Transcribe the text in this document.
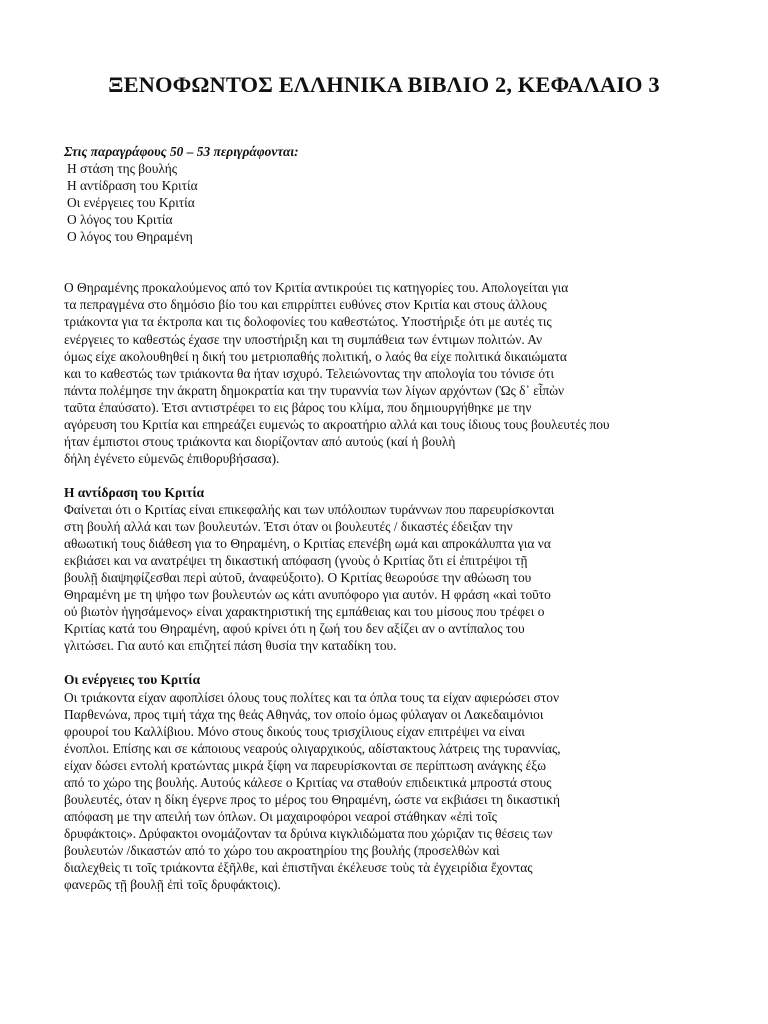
ΞΕΝΟΦΩΝΤΟΣ ΕΛΛΗΝΙΚΑ ΒΙΒΛΙΟ 2, ΚΕΦΑΛΑΙΟ 3
Στις παραγράφους 50 – 53 περιγράφονται:
Η στάση της βουλής
Η αντίδραση του Κριτία
Οι ενέργειες του Κριτία
Ο λόγος του Κριτία
Ο λόγος του Θηραμένη
Ο Θηραμένης προκαλούμενος από τον Κριτία αντικρούει τις κατηγορίες του. Απολογείται για
τα πεπραγμένα στο δημόσιο βίο του και επιρρίπτει ευθύνες στον Κριτία και στους άλλους
τριάκοντα για τα έκτροπα και τις δολοφονίες του καθεστώτος. Υποστήριξε ότι με αυτές τις
ενέργειες το καθεστώς έχασε την υποστήριξη και τη συμπάθεια των έντιμων πολιτών. Αν
όμως είχε ακολουθηθεί η δική του μετριοπαθής πολιτική, ο λαός θα είχε πολιτικά δικαιώματα
και το καθεστώς των τριάκοντα θα ήταν ισχυρό. Τελειώνοντας την απολογία του τόνισε ότι
πάντα πολέμησε την άκρατη δημοκρατία και την τυραννία των λίγων αρχόντων (Ὡς δ᾽ εἶπὼν
ταῦτα ἐπαύσατο). Έτσι αντιστρέφει το εις βάρος του κλίμα, που δημιουργήθηκε με την
αγόρευση του Κριτία και επηρεάζει ευμενώς το ακροατήριο αλλά και τους ίδιους τους βουλευτές που
ήταν έμπιστοι στους τριάκοντα και διορίζονταν από αυτούς (καί ἡ βουλὴ
δήλη ἐγένετο εὐμενῶς ἐπιθορυβήσασα).
Η αντίδραση του Κριτία
Φαίνεται ότι ο Κριτίας είναι επικεφαλής και των υπόλοιπων τυράννων που παρευρίσκονται
στη βουλή αλλά και των βουλευτών. Έτσι όταν οι βουλευτές / δικαστές έδειξαν την
αθωωτική τους διάθεση για το Θηραμένη, ο Κριτίας επενέβη ωμά και απροκάλυπτα για να
εκβιάσει και να ανατρέψει τη δικαστική απόφαση (γνοὺς ὁ Κριτίας ὅτι εἰ ἐπιτρέψοι τῇ
βουλῇ διαψηφίζεσθαι περὶ αὐτοῦ, ἀναφεύξοιτο). Ο Κριτίας θεωρούσε την αθώωση του
Θηραμένη με τη ψήφο των βουλευτών ως κάτι ανυπόφορο για αυτόν. Η φράση «καὶ τοῦτο
οὐ βιωτὸν ἡγησάμενος» είναι χαρακτηριστική της εμπάθειας και του μίσους που τρέφει ο
Κριτίας κατά του Θηραμένη, αφού κρίνει ότι η ζωή του δεν αξίζει αν ο αντίπαλος του
γλιτώσει. Για αυτό και επιζητεί πάση θυσία την καταδίκη του.
Οι ενέργειες του Κριτία
Οι τριάκοντα είχαν αφοπλίσει όλους τους πολίτες και τα όπλα τους τα είχαν αφιερώσει στον
Παρθενώνα, προς τιμή τάχα της θεάς Αθηνάς, τον οποίο όμως φύλαγαν οι Λακεδαιμόνιοι
φρουροί του Καλλίβιου. Μόνο στους δικούς τους τρισχίλιους είχαν επιτρέψει να είναι
ένοπλοι. Επίσης και σε κάποιους νεαρούς ολιγαρχικούς, αδίστακτους λάτρεις της τυραννίας,
είχαν δώσει εντολή κρατώντας μικρά ξίφη να παρευρίσκονται σε περίπτωση ανάγκης έξω
από το χώρο της βουλής. Αυτούς κάλεσε ο Κριτίας να σταθούν επιδεικτικά μπροστά στους
βουλευτές, όταν η δίκη έγερνε προς το μέρος του Θηραμένη, ώστε να εκβιάσει τη δικαστική
απόφαση με την απειλή των όπλων. Οι μαχαιροφόροι νεαροί στάθηκαν «ἐπὶ τοῖς
δρυφάκτοις». Δρύφακτοι ονομάζονταν τα δρύινα κιγκλιδώματα που χώριζαν τις θέσεις των
βουλευτών /δικαστών από το χώρο του ακροατηρίου της βουλής (προσελθὼν καὶ
διαλεχθεὶς τι τοῖς τριάκοντα ἐξῆλθε, καὶ ἐπιστῆναι ἐκέλευσε τοὺς τὰ ἐγχειρίδια ἔχοντας
φανερῶς τῇ βουλῇ ἐπὶ τοῖς δρυφάκτοις).
